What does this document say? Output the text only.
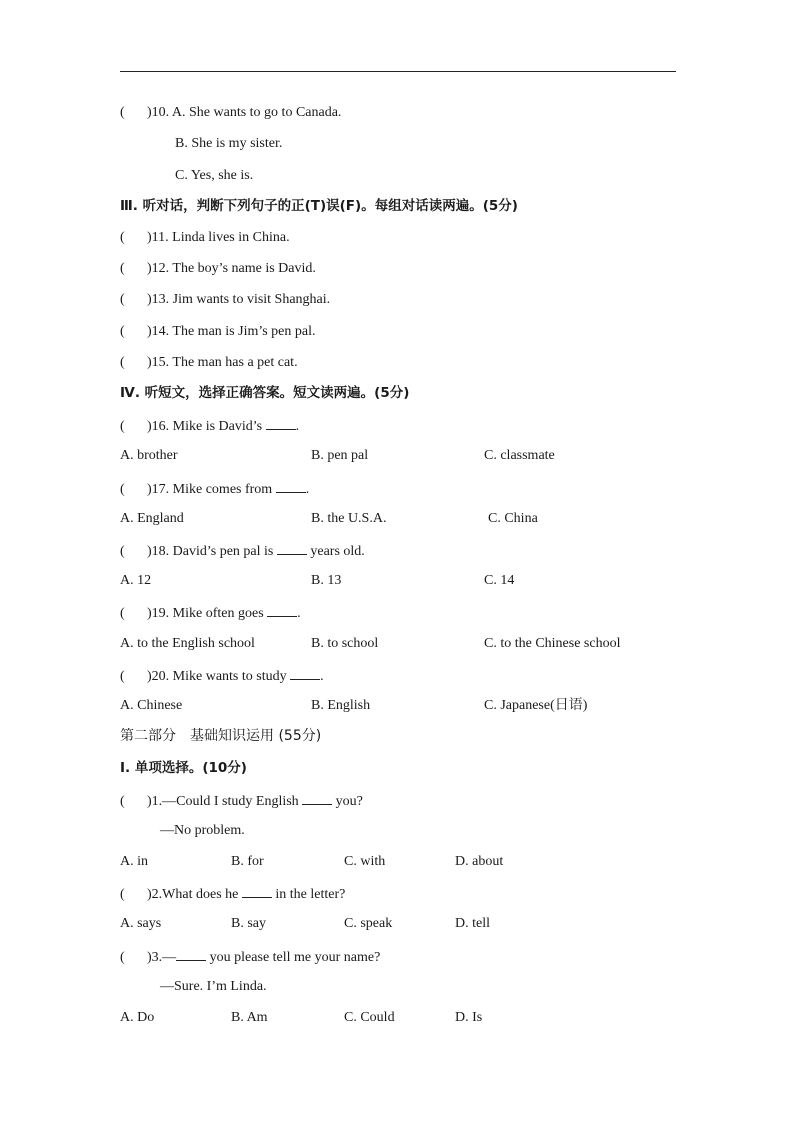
( )10. A. She wants to go to Canada.
B. She is my sister.
C. Yes, she is.
Ⅲ. 听对话，判断下列句子的正(T)误(F)。每组对话读两遍。(5分)
( )11. Linda lives in China.
( )12. The boy’s name is David.
( )13. Jim wants to visit Shanghai.
( )14. The man is Jim’s pen pal.
( )15. The man has a pet cat.
Ⅳ. 听短文，选择正确答案。短文读两遍。(5分)
( )16. Mike is David’s .
A. brother	B. pen pal	C. classmate
( )17. Mike comes from .
A. England	B. the U.S.A.	C. China
( )18. David’s pen pal is	years old.
A. 12	B. 13	C. 14
( )19. Mike often goes .
A. to the English school	B. to school	C. to the Chinese school
( )20. Mike wants to study .
A. Chinese	B. English	C. Japanese(日语)
第二部分　基础知识运用 (55分)
Ⅰ. 单项选择。(10分)
( )1.—Could I study English	you?
—No problem.
A. in	B. for	C. with	D. about
( )2.What does he	in the letter?
A. says	B. say	C. speak	D. tell
( )3.— you please tell me your name?
—Sure. I’m Linda.
A. Do	B. Am	C. Could	D. Is
